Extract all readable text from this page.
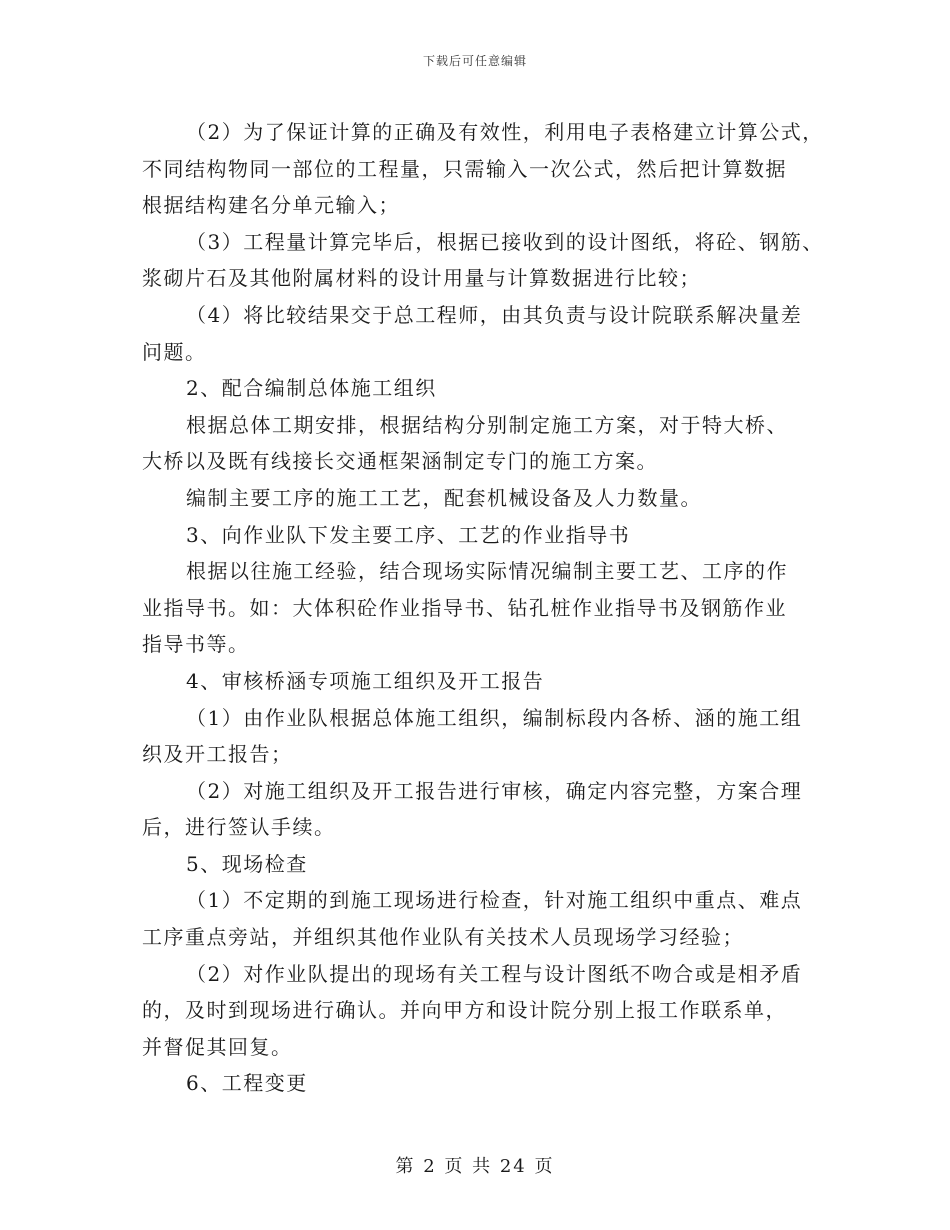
下载后可任意编辑
（2）为了保证计算的正确及有效性，利用电子表格建立计算公式，
不同结构物同一部位的工程量，只需输入一次公式，然后把计算数据
根据结构建名分单元输入；
（3）工程量计算完毕后，根据已接收到的设计图纸，将砼、钢筋、
浆砌片石及其他附属材料的设计用量与计算数据进行比较；
（4）将比较结果交于总工程师，由其负责与设计院联系解决量差
问题。
2、配合编制总体施工组织
根据总体工期安排，根据结构分别制定施工方案，对于特大桥、
大桥以及既有线接长交通框架涵制定专门的施工方案。
编制主要工序的施工工艺，配套机械设备及人力数量。
3、向作业队下发主要工序、工艺的作业指导书
根据以往施工经验，结合现场实际情况编制主要工艺、工序的作
业指导书。如：大体积砼作业指导书、钻孔桩作业指导书及钢筋作业
指导书等。
4、审核桥涵专项施工组织及开工报告
（1）由作业队根据总体施工组织，编制标段内各桥、涵的施工组
织及开工报告；
（2）对施工组织及开工报告进行审核，确定内容完整，方案合理
后，进行签认手续。
5、现场检查
（1）不定期的到施工现场进行检查，针对施工组织中重点、难点
工序重点旁站，并组织其他作业队有关技术人员现场学习经验；
（2）对作业队提出的现场有关工程与设计图纸不吻合或是相矛盾
的，及时到现场进行确认。并向甲方和设计院分别上报工作联系单，
并督促其回复。
6、工程变更
第 2 页 共 24 页
